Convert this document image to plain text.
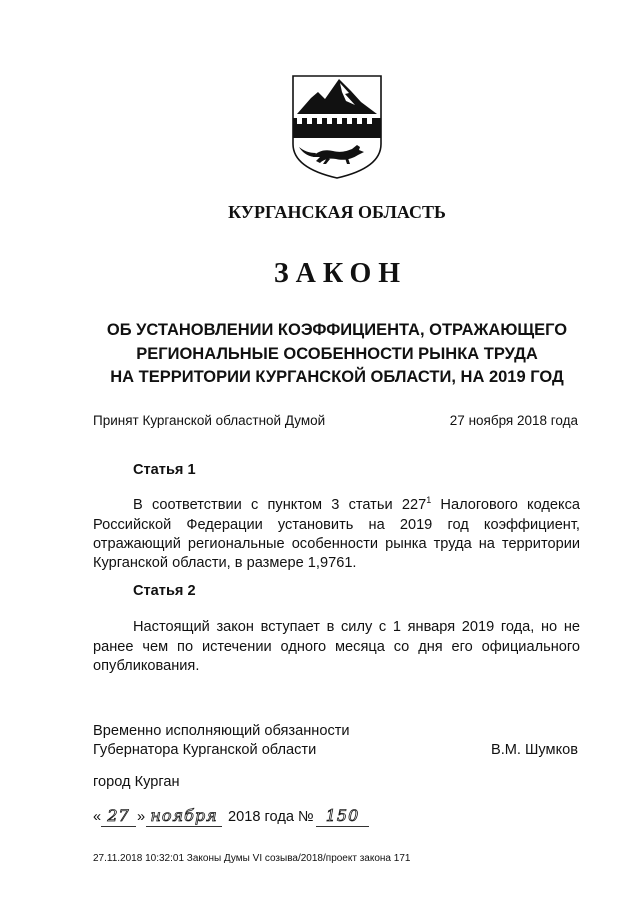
КУРГАНСКАЯ ОБЛАСТЬ
ЗАКОН
ОБ УСТАНОВЛЕНИИ КОЭФФИЦИЕНТА, ОТРАЖАЮЩЕГО
РЕГИОНАЛЬНЫЕ ОСОБЕННОСТИ РЫНКА ТРУДА
НА ТЕРРИТОРИИ КУРГАНСКОЙ ОБЛАСТИ, НА 2019 ГОД
Принят Курганской областной Думой	27 ноября 2018 года
Статья 1
В соответствии с пунктом 3 статьи $227^1$ Налогового кодекса
Российской Федерации установить на 2019 год коэффициент,
отражающий региональные особенности рынка труда на территории
Курганской области, в размере 1,9761.
Статья 2
Настоящий закон вступает в силу с 1 января 2019 года, но не
ранее чем по истечении одного месяца со дня его официального
опубликования.
Временно исполняющий обязанности
Губернатора Курганской области	В.М. Шумков
город Курган
« 27 » ноября 2018 года № 150
27.11.2018 10:32:01 Законы Думы VI созыва/2018/проект закона 171
